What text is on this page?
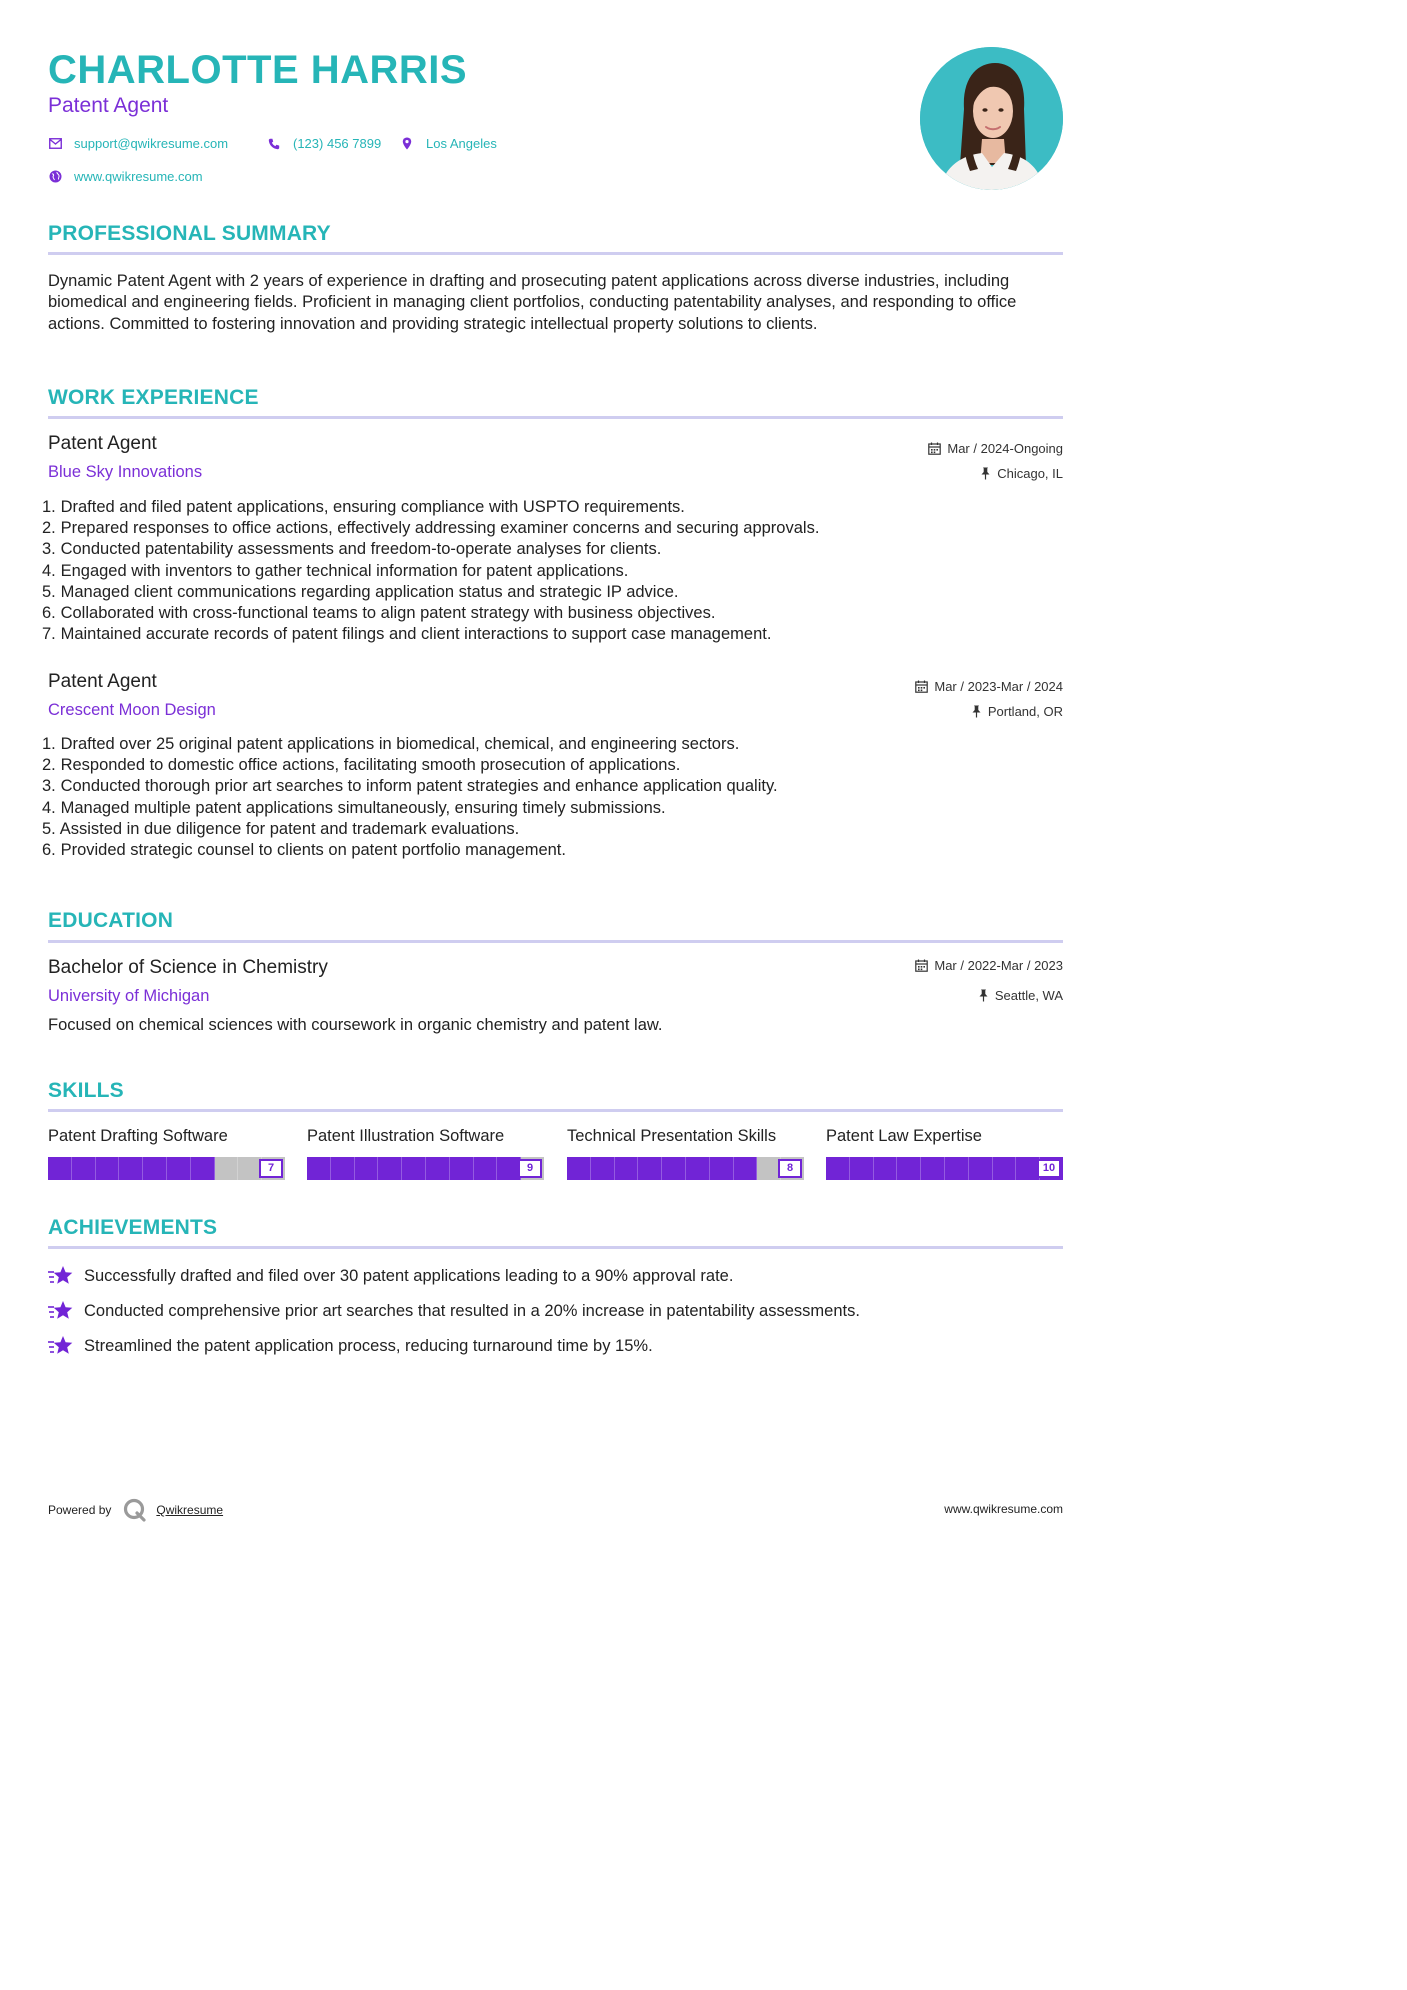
CHARLOTTE HARRIS
Patent Agent
support@qwikresume.com	(123) 456 7899	Los Angeles
www.qwikresume.com
PROFESSIONAL SUMMARY
Dynamic Patent Agent with 2 years of experience in drafting and prosecuting patent applications across diverse industries, including biomedical and engineering fields. Proficient in managing client portfolios, conducting patentability analyses, and responding to office actions. Committed to fostering innovation and providing strategic intellectual property solutions to clients.
WORK EXPERIENCE
Patent Agent
Blue Sky Innovations
Mar / 2024-Ongoing
Chicago, IL
1. Drafted and filed patent applications, ensuring compliance with USPTO requirements.
2. Prepared responses to office actions, effectively addressing examiner concerns and securing approvals.
3. Conducted patentability assessments and freedom-to-operate analyses for clients.
4. Engaged with inventors to gather technical information for patent applications.
5. Managed client communications regarding application status and strategic IP advice.
6. Collaborated with cross-functional teams to align patent strategy with business objectives.
7. Maintained accurate records of patent filings and client interactions to support case management.
Patent Agent
Crescent Moon Design
Mar / 2023-Mar / 2024
Portland, OR
1. Drafted over 25 original patent applications in biomedical, chemical, and engineering sectors.
2. Responded to domestic office actions, facilitating smooth prosecution of applications.
3. Conducted thorough prior art searches to inform patent strategies and enhance application quality.
4. Managed multiple patent applications simultaneously, ensuring timely submissions.
5. Assisted in due diligence for patent and trademark evaluations.
6. Provided strategic counsel to clients on patent portfolio management.
EDUCATION
Bachelor of Science in Chemistry
University of Michigan
Mar / 2022-Mar / 2023
Seattle, WA
Focused on chemical sciences with coursework in organic chemistry and patent law.
SKILLS
Patent Drafting Software
7
Patent Illustration Software
9
Technical Presentation Skills
8
Patent Law Expertise
10
ACHIEVEMENTS
Successfully drafted and filed over 30 patent applications leading to a 90% approval rate.
Conducted comprehensive prior art searches that resulted in a 20% increase in patentability assessments.
Streamlined the patent application process, reducing turnaround time by 15%.
Powered by	Qwikresume	www.qwikresume.com
